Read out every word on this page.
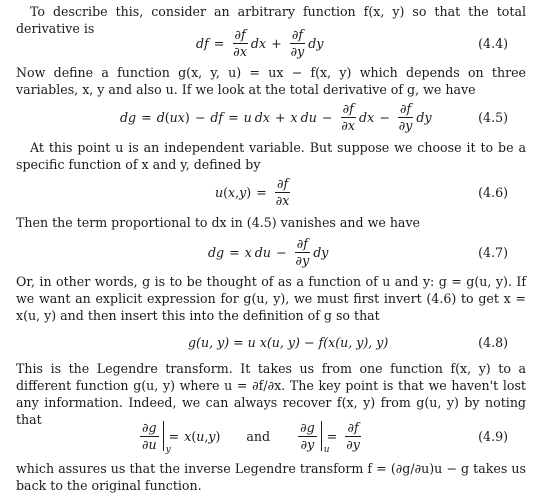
To describe this, consider an arbitrary function f(x, y) so that the total derivative is
df = $\frac{\partial f}{\partial x}$ dx + $\frac{\partial f}{\partial y}$ dy	(4.4)
Now define a function g(x, y, u) = ux − f(x, y) which depends on three variables, x, y and also u. If we look at the total derivative of g, we have
dg = d ( ux ) − df = u dx + x du − $\frac{\partial f}{\partial x}$ dx − $\frac{\partial f}{\partial y}$ dy	(4.5)
At this point u is an independent variable. But suppose we choose it to be a specific function of x and y, defined by
u ( x , y ) = $\frac{\partial f}{\partial x}$	(4.6)
Then the term proportional to dx in (4.5) vanishes and we have
dg = x du − $\frac{\partial f}{\partial y}$ dy	(4.7)
Or, in other words, g is to be thought of as a function of u and y: g = g(u, y). If we want an explicit expression for g(u, y), we must first invert (4.6) to get x = x(u, y) and then insert this into the definition of g so that
g(u, y) = u x(u, y) − f(x(u, y), y)	(4.8)
This is the Legendre transform. It takes us from one function f(x, y) to a different function g(u, y) where u = ∂f/∂x. The key point is that we haven't lost any information. Indeed, we can always recover f(x, y) from g(u, y) by noting that
$\frac{\partial g}{\partial u}$ y
= x ( u , y ) and $\frac{\partial g}{\partial y}$ u
= $\frac{\partial f}{\partial y}$	(4.9)
which assures us that the inverse Legendre transform f = (∂g/∂u)u − g takes us back to the original function.
